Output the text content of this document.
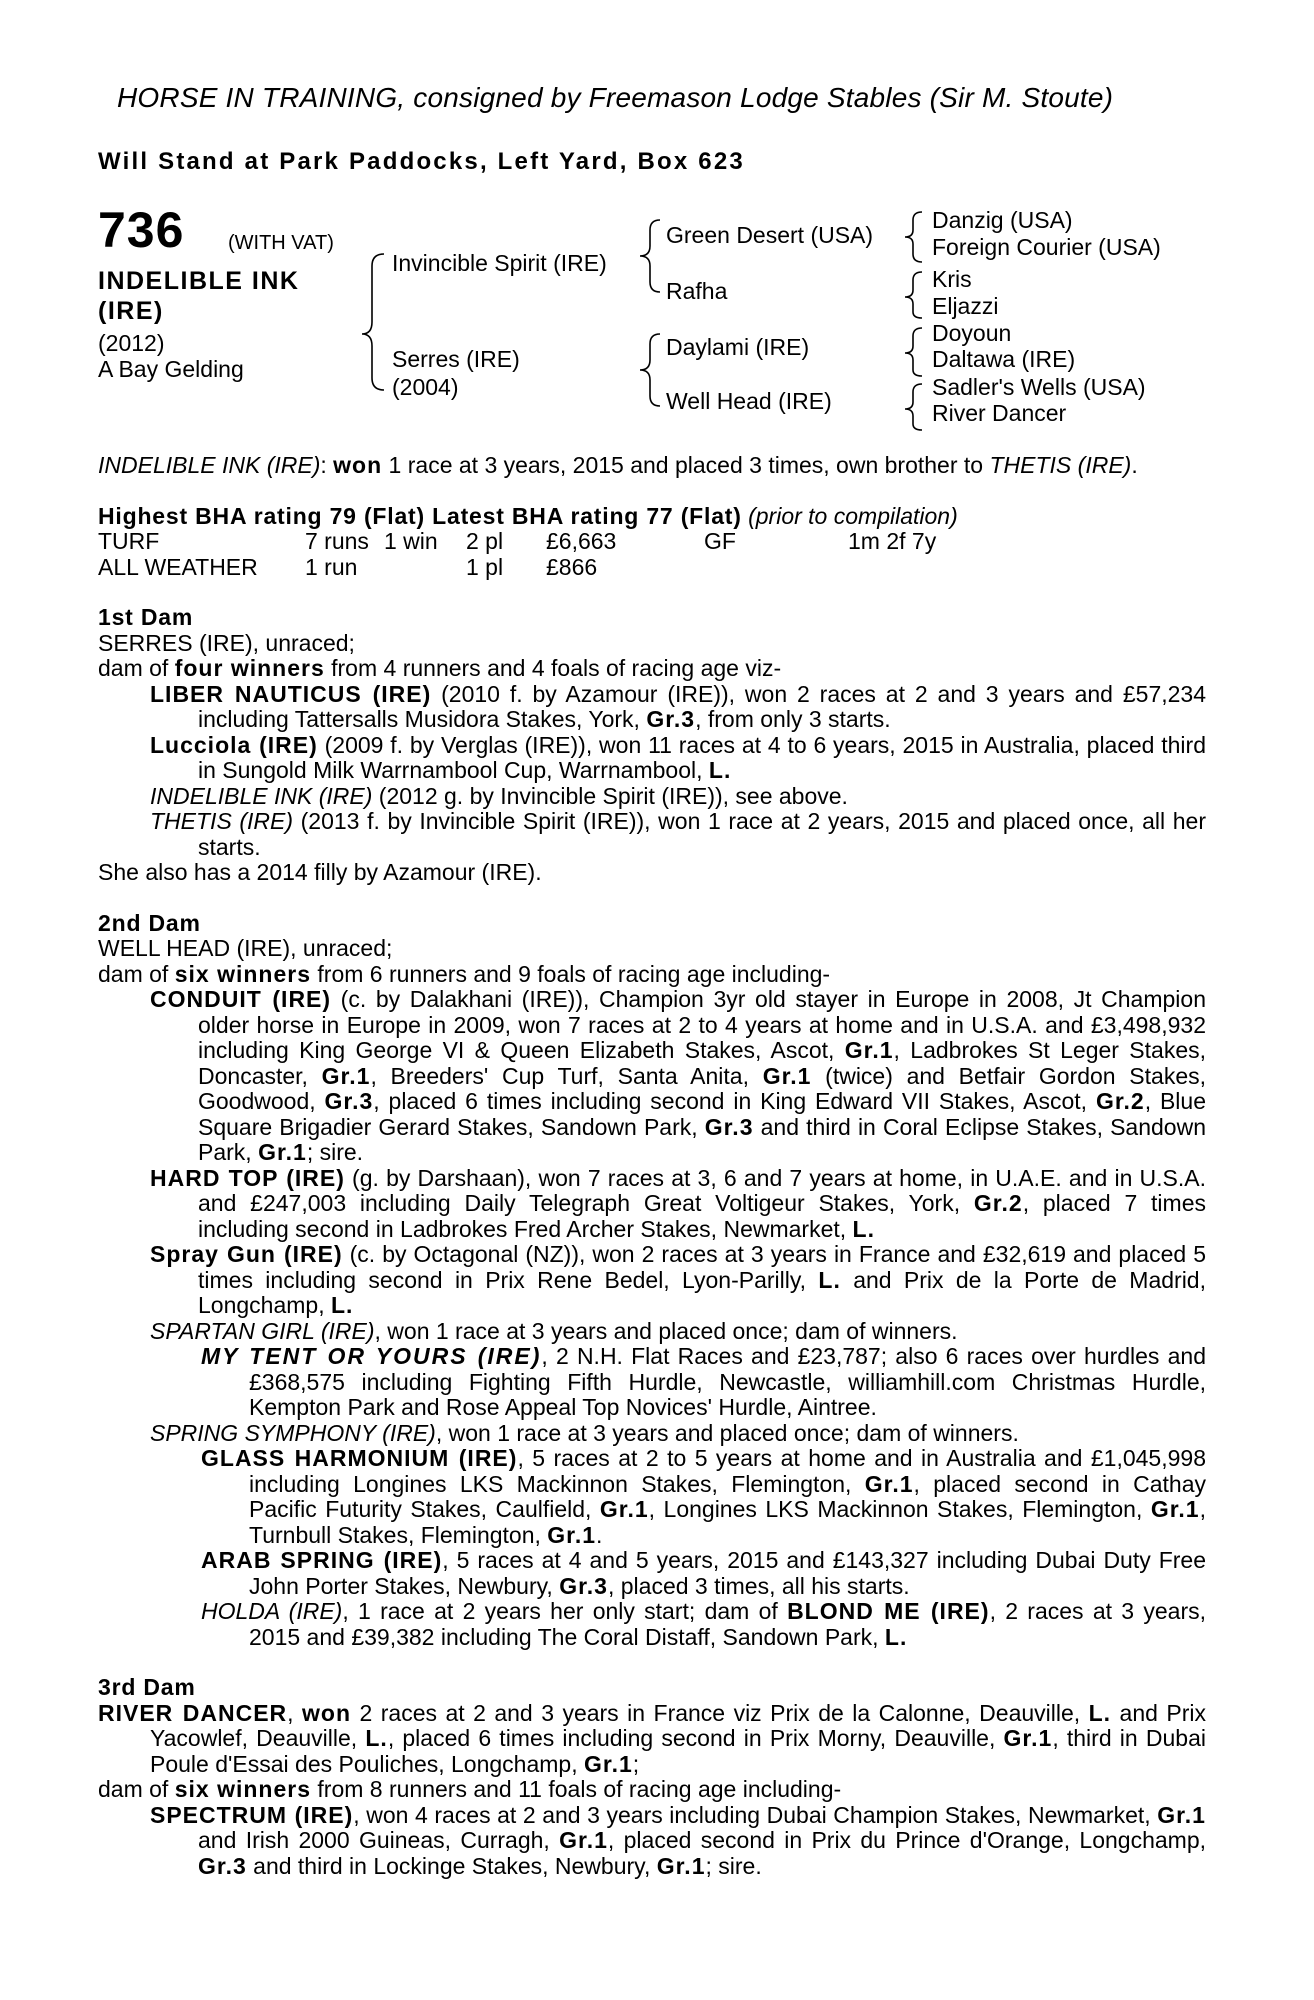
HORSE IN TRAINING, consigned by Freemason Lodge Stables (Sir M. Stoute)
Will Stand at Park Paddocks, Left Yard, Box 623
736 (WITH VAT)
INDELIBLE INK
(IRE)
(2012)
A Bay Gelding
Invincible Spirit (IRE)
Serres (IRE)
(2004)
Green Desert (USA)
Rafha
Daylami (IRE)
Well Head (IRE)
Danzig (USA)
Foreign Courier (USA)
Kris
Eljazzi
Doyoun
Daltawa (IRE)
Sadler's Wells (USA)
River Dancer

INDELIBLE INK (IRE): won 1 race at 3 years, 2015 and placed 3 times, own brother to THETIS (IRE).

Highest BHA rating 79 (Flat) Latest BHA rating 77 (Flat) (prior to compilation)

TURF	7 runs	1 win	2 pl	£6,663	GF	1m 2f 7y
ALL WEATHER	1 run		1 pl	£866		

1st Dam

SERRES (IRE), unraced;

dam of four winners from 4 runners and 4 foals of racing age viz-

LIBER NAUTICUS (IRE) (2010 f. by Azamour (IRE)), won 2 races at 2 and 3 years and £57,234 including Tattersalls Musidora Stakes, York, Gr.3, from only 3 starts.

Lucciola (IRE) (2009 f. by Verglas (IRE)), won 11 races at 4 to 6 years, 2015 in Australia, placed third in Sungold Milk Warrnambool Cup, Warrnambool, L.

INDELIBLE INK (IRE) (2012 g. by Invincible Spirit (IRE)), see above.

THETIS (IRE) (2013 f. by Invincible Spirit (IRE)), won 1 race at 2 years, 2015 and placed once, all her starts.

She also has a 2014 filly by Azamour (IRE).

2nd Dam

WELL HEAD (IRE), unraced;

dam of six winners from 6 runners and 9 foals of racing age including-

CONDUIT (IRE) (c. by Dalakhani (IRE)), Champion 3yr old stayer in Europe in 2008, Jt Champion older horse in Europe in 2009, won 7 races at 2 to 4 years at home and in U.S.A. and £3,498,932 including King George VI & Queen Elizabeth Stakes, Ascot, Gr.1, Ladbrokes St Leger Stakes, Doncaster, Gr.1, Breeders' Cup Turf, Santa Anita, Gr.1 (twice) and Betfair Gordon Stakes, Goodwood, Gr.3, placed 6 times including second in King Edward VII Stakes, Ascot, Gr.2, Blue Square Brigadier Gerard Stakes, Sandown Park, Gr.3 and third in Coral Eclipse Stakes, Sandown Park, Gr.1; sire.

HARD TOP (IRE) (g. by Darshaan), won 7 races at 3, 6 and 7 years at home, in U.A.E. and in U.S.A. and £247,003 including Daily Telegraph Great Voltigeur Stakes, York, Gr.2, placed 7 times including second in Ladbrokes Fred Archer Stakes, Newmarket, L.

Spray Gun (IRE) (c. by Octagonal (NZ)), won 2 races at 3 years in France and £32,619 and placed 5 times including second in Prix Rene Bedel, Lyon-Parilly, L. and Prix de la Porte de Madrid, Longchamp, L.

SPARTAN GIRL (IRE), won 1 race at 3 years and placed once; dam of winners.

MY TENT OR YOURS (IRE), 2 N.H. Flat Races and £23,787; also 6 races over hurdles and £368,575 including Fighting Fifth Hurdle, Newcastle, williamhill.com Christmas Hurdle, Kempton Park and Rose Appeal Top Novices' Hurdle, Aintree.

SPRING SYMPHONY (IRE), won 1 race at 3 years and placed once; dam of winners.

GLASS HARMONIUM (IRE), 5 races at 2 to 5 years at home and in Australia and £1,045,998 including Longines LKS Mackinnon Stakes, Flemington, Gr.1, placed second in Cathay Pacific Futurity Stakes, Caulfield, Gr.1, Longines LKS Mackinnon Stakes, Flemington, Gr.1, Turnbull Stakes, Flemington, Gr.1.

ARAB SPRING (IRE), 5 races at 4 and 5 years, 2015 and £143,327 including Dubai Duty Free John Porter Stakes, Newbury, Gr.3, placed 3 times, all his starts.

HOLDA (IRE), 1 race at 2 years her only start; dam of BLOND ME (IRE), 2 races at 3 years, 2015 and £39,382 including The Coral Distaff, Sandown Park, L.

3rd Dam

RIVER DANCER, won 2 races at 2 and 3 years in France viz Prix de la Calonne, Deauville, L. and Prix Yacowlef, Deauville, L., placed 6 times including second in Prix Morny, Deauville, Gr.1, third in Dubai Poule d'Essai des Pouliches, Longchamp, Gr.1;

dam of six winners from 8 runners and 11 foals of racing age including-

SPECTRUM (IRE), won 4 races at 2 and 3 years including Dubai Champion Stakes, Newmarket, Gr.1 and Irish 2000 Guineas, Curragh, Gr.1, placed second in Prix du Prince d'Orange, Longchamp, Gr.3 and third in Lockinge Stakes, Newbury, Gr.1; sire.
